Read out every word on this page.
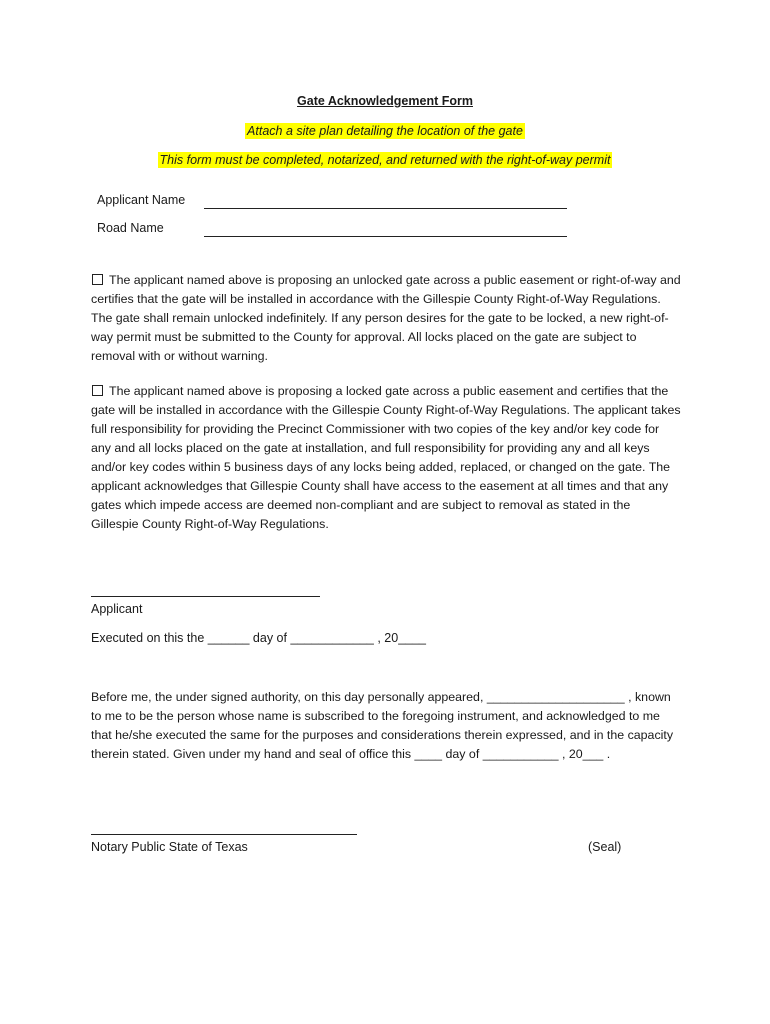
Gate Acknowledgement Form
Attach a site plan detailing the location of the gate
This form must be completed, notarized, and returned with the right-of-way permit
Applicant Name
Road Name
The applicant named above is proposing an unlocked gate across a public easement or right-of-way and certifies that the gate will be installed in accordance with the Gillespie County Right-of-Way Regulations. The gate shall remain unlocked indefinitely. If any person desires for the gate to be locked, a new right-of-way permit must be submitted to the County for approval. All locks placed on the gate are subject to removal with or without warning.
The applicant named above is proposing a locked gate across a public easement and certifies that the gate will be installed in accordance with the Gillespie County Right-of-Way Regulations. The applicant takes full responsibility for providing the Precinct Commissioner with two copies of the key and/or key code for any and all locks placed on the gate at installation, and full responsibility for providing any and all keys and/or key codes within 5 business days of any locks being added, replaced, or changed on the gate. The applicant acknowledges that Gillespie County shall have access to the easement at all times and that any gates which impede access are deemed non-compliant and are subject to removal as stated in the Gillespie County Right-of-Way Regulations.
Applicant
Executed on this the ______ day of ____________ , 20____
Before me, the under signed authority, on this day personally appeared, ____________________ , known to me to be the person whose name is subscribed to the foregoing instrument, and acknowledged to me that he/she executed the same for the purposes and considerations therein expressed, and in the capacity therein stated. Given under my hand and seal of office this ____ day of ___________ , 20___ .
Notary Public State of Texas	(Seal)
